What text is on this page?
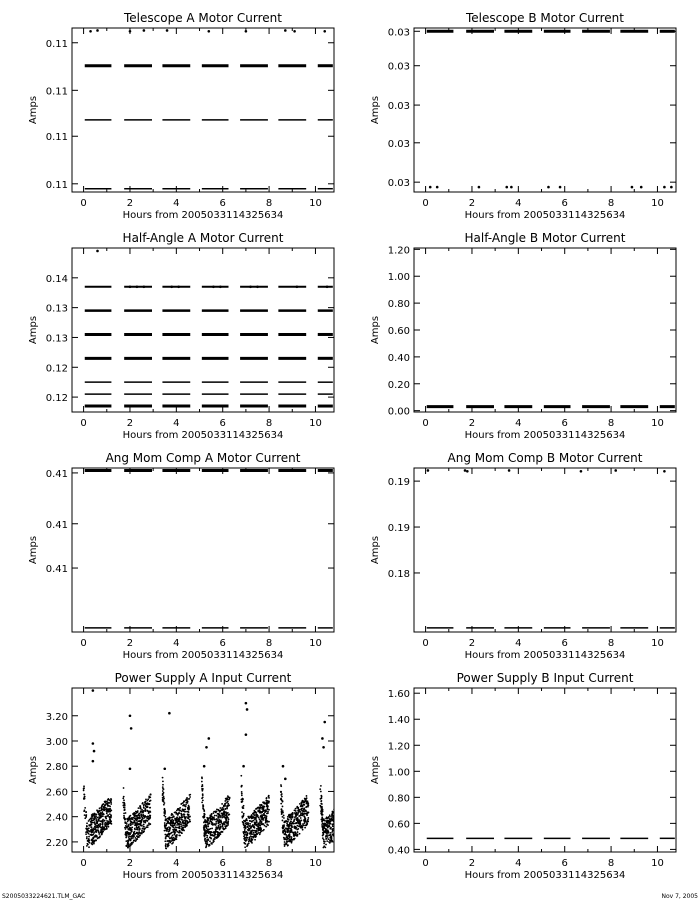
S2005033224621.TLM_GAC	Nov 7, 2005
Telescope A Motor Current
0	2	4	6	8	10
0.11
0.11
0.11
0.11
Hours from 2005033114325634
Amps
Telescope B Motor Current
0	2	4	6	8	10
0.03
0.03
0.03
0.03
0.03
Hours from 2005033114325634
Amps
Half-Angle A Motor Current
0	2	4	6	8	10
0.12
0.12
0.13
0.13
0.14
Hours from 2005033114325634
Amps
Half-Angle B Motor Current
0	2	4	6	8	10
0.00
0.20
0.40
0.60
0.80
1.00
1.20
Hours from 2005033114325634
Amps
Ang Mom Comp A Motor Current
0	2	4	6	8	10
0.41
0.41
0.41
Hours from 2005033114325634
Amps
Ang Mom Comp B Motor Current
0	2	4	6	8	10
0.19
0.19
0.18
Hours from 2005033114325634
Amps
Power Supply A Input Current
0	2	4	6	8	10
2.20
2.40
2.60
2.80
3.00
3.20
Hours from 2005033114325634
Amps
Power Supply B Input Current
0	2	4	6	8	10
0.40
0.60
0.80
1.00
1.20
1.40
1.60
Hours from 2005033114325634
Amps
